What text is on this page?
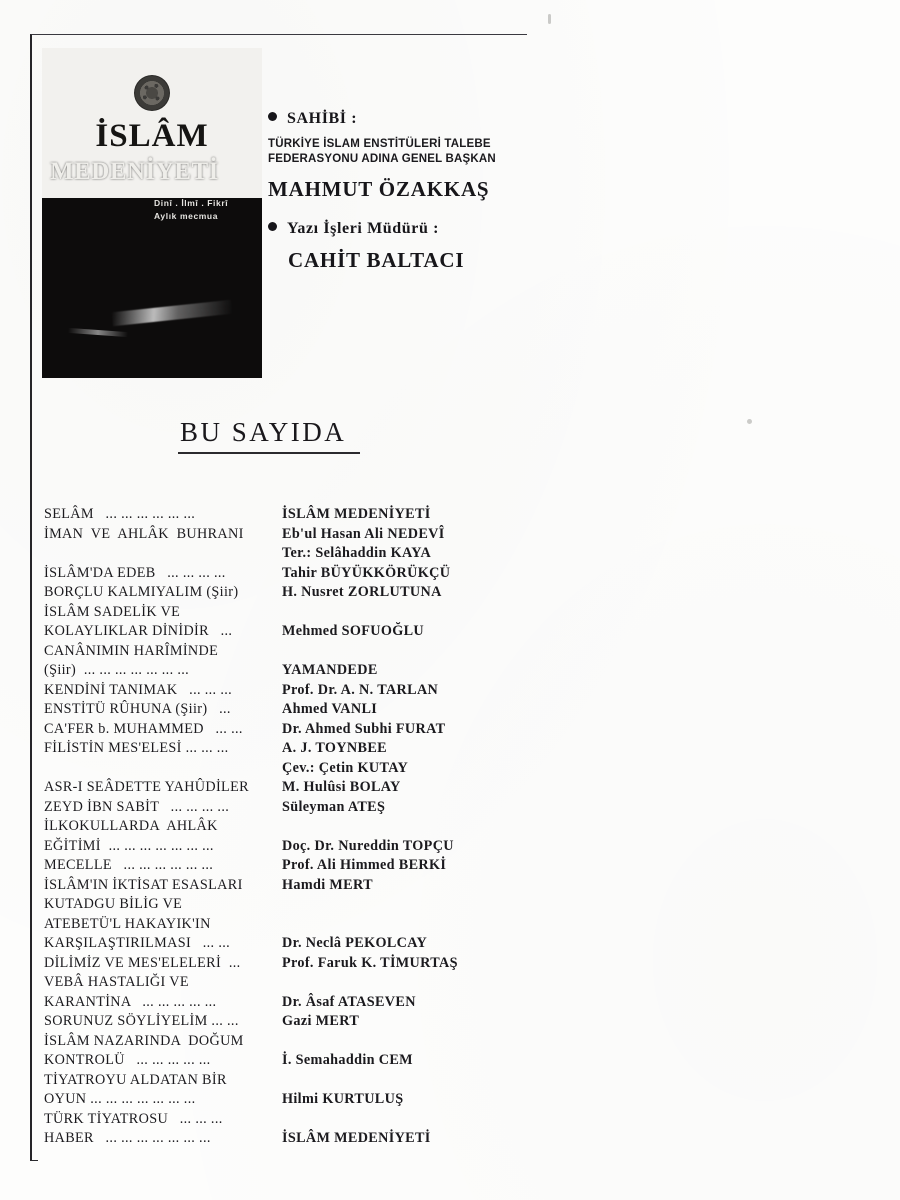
İSLÂM
MEDENİYETİ
Dinî . İlmî . Fikrî
Aylık mecmua
SAHİBİ :
TÜRKİYE İSLAM ENSTİTÜLERİ TALEBE FEDERASYONU ADINA GENEL BAŞKAN
MAHMUT ÖZAKKAŞ
Yazı İşleri Müdürü :
CAHİT BALTACI
BU SAYIDA
SELÂM   ... ... ... ... ... ...	İSLÂM MEDENİYETİ
İMAN  VE  AHLÂK  BUHRANI	Eb'ul Hasan Ali NEDEVÎ
Ter.: Selâhaddin KAYA
İSLÂM'DA EDEB   ... ... ... ...	Tahir BÜYÜKKÖRÜKÇÜ
BORÇLU KALMIYALIM (Şiir)	H. Nusret ZORLUTUNA
İSLÂM SADELİK VE
KOLAYLIKLAR DİNİDİR   ...	Mehmed SOFUOĞLU
CANÂNIMIN HARÎMİNDE
(Şiir)  ... ... ... ... ... ... ...	YAMANDEDE
KENDİNİ TANIMAK   ... ... ...	Prof. Dr. A. N. TARLAN
ENSTİTÜ RÛHUNA (Şiir)   ...	Ahmed VANLI
CA'FER b. MUHAMMED   ... ...	Dr. Ahmed Subhi FURAT
FİLİSTİN MES'ELESİ ... ... ...	A. J. TOYNBEE
Çev.: Çetin KUTAY
ASR-I SEÂDETTE YAHÛDİLER	M. Hulûsi BOLAY
ZEYD İBN SABİT   ... ... ... ...	Süleyman ATEŞ
İLKOKULLARDA  AHLÂK
EĞİTİMİ  ... ... ... ... ... ... ...	Doç. Dr. Nureddin TOPÇU
MECELLE   ... ... ... ... ... ...	Prof. Ali Himmed BERKİ
İSLÂM'IN İKTİSAT ESASLARI	Hamdi MERT
KUTADGU BİLİG VE
ATEBETÜ'L HAKAYIK'IN
KARŞILAŞTIRILMASI   ... ...	Dr. Neclâ PEKOLCAY
DİLİMİZ VE MES'ELELERİ  ...	Prof. Faruk K. TİMURTAŞ
VEBÂ HASTALIĞI VE
KARANTİNA   ... ... ... ... ...	Dr. Âsaf ATASEVEN
SORUNUZ SÖYLİYELİM ... ...	Gazi MERT
İSLÂM NAZARINDA  DOĞUM
KONTROLÜ   ... ... ... ... ...	İ. Semahaddin CEM
TİYATROYU ALDATAN BİR
OYUN ... ... ... ... ... ... ...	Hilmi KURTULUŞ
TÜRK TİYATROSU   ... ... ...
HABER   ... ... ... ... ... ... ...	İSLÂM MEDENİYETİ
